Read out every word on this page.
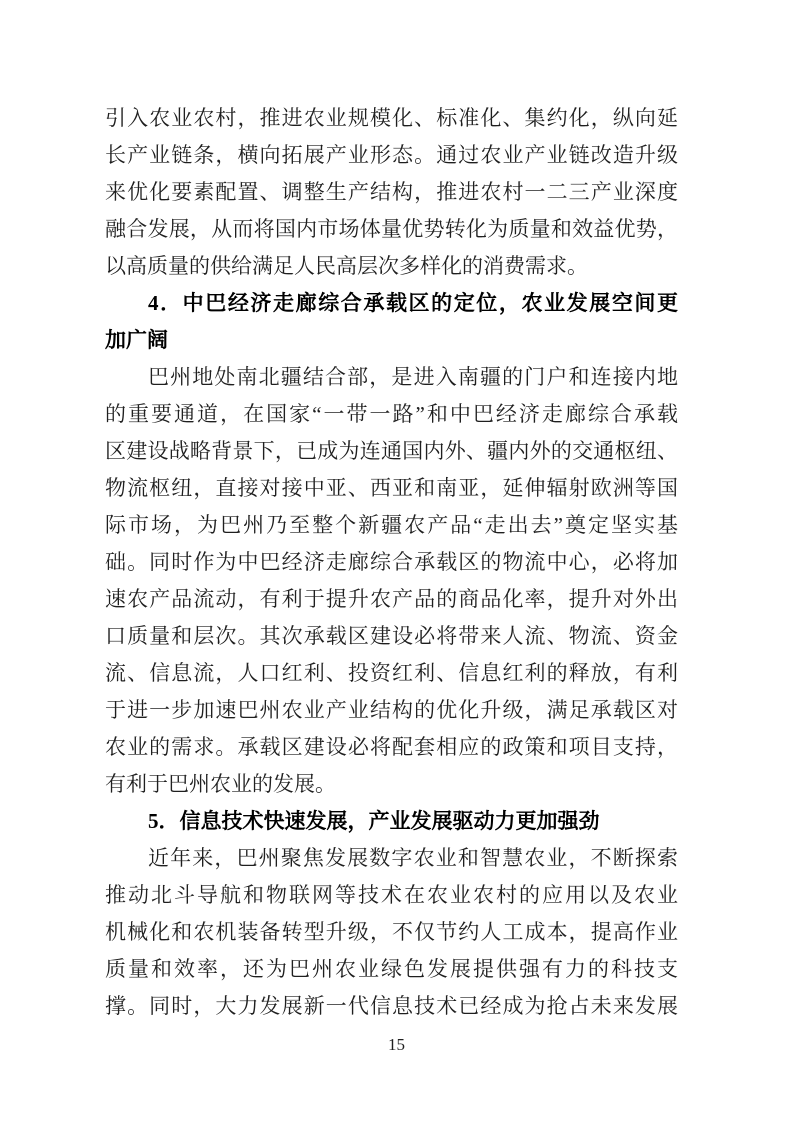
引入农业农村，推进农业规模化、标准化、集约化，纵向延
长产业链条，横向拓展产业形态。通过农业产业链改造升级
来优化要素配置、调整生产结构，推进农村一二三产业深度
融合发展，从而将国内市场体量优势转化为质量和效益优势，
以高质量的供给满足人民高层次多样化的消费需求。
4．中巴经济走廊综合承载区的定位，农业发展空间更
加广阔
巴州地处南北疆结合部，是进入南疆的门户和连接内地
的重要通道，在国家“一带一路”和中巴经济走廊综合承载
区建设战略背景下，已成为连通国内外、疆内外的交通枢纽、
物流枢纽，直接对接中亚、西亚和南亚，延伸辐射欧洲等国
际市场，为巴州乃至整个新疆农产品“走出去”奠定坚实基
础。同时作为中巴经济走廊综合承载区的物流中心，必将加
速农产品流动，有利于提升农产品的商品化率，提升对外出
口质量和层次。其次承载区建设必将带来人流、物流、资金
流、信息流，人口红利、投资红利、信息红利的释放，有利
于进一步加速巴州农业产业结构的优化升级，满足承载区对
农业的需求。承载区建设必将配套相应的政策和项目支持，
有利于巴州农业的发展。
5．信息技术快速发展，产业发展驱动力更加强劲
近年来，巴州聚焦发展数字农业和智慧农业，不断探索
推动北斗导航和物联网等技术在农业农村的应用以及农业
机械化和农机装备转型升级，不仅节约人工成本，提高作业
质量和效率，还为巴州农业绿色发展提供强有力的科技支
撑。同时，大力发展新一代信息技术已经成为抢占未来发展
15
